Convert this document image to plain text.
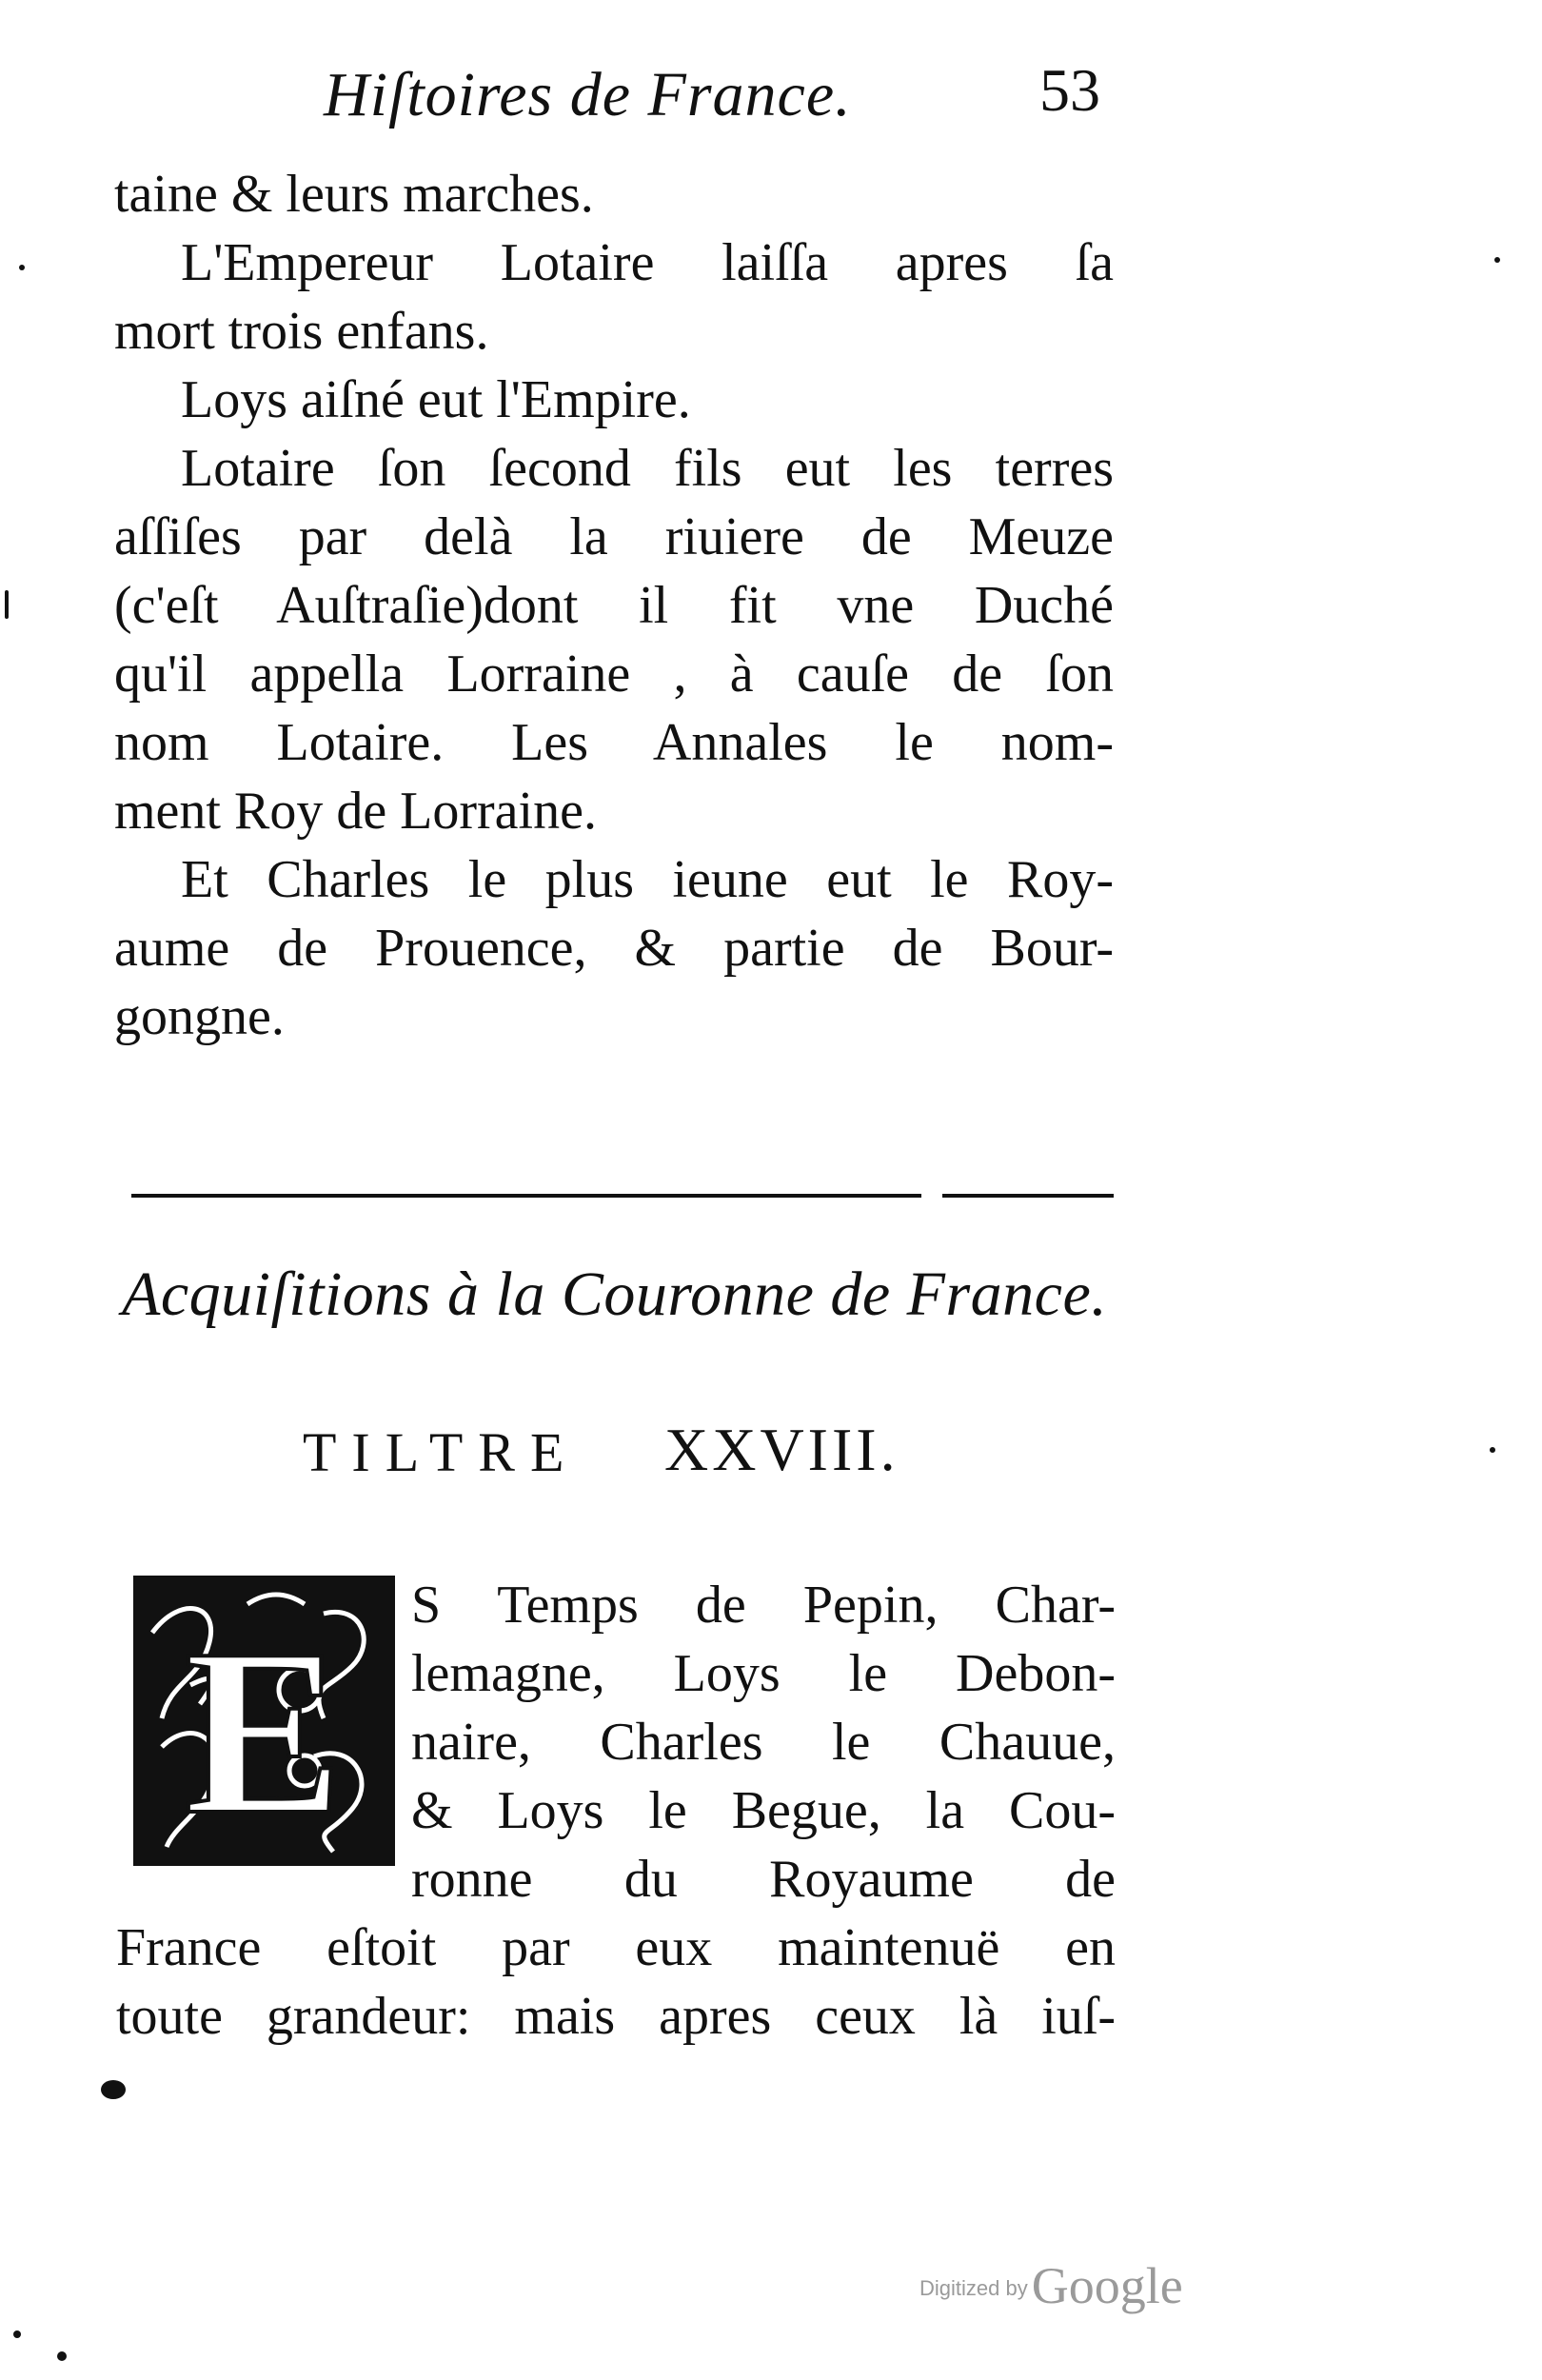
Hiſtoires de France.	53
taine & leurs marches.
L'Empereur Lotaire laiſſa apres ſa
mort trois enfans.
Loys aiſné eut l'Empire.
Lotaire ſon ſecond fils eut les terres
aſſiſes par delà la riuiere de Meuze
(c'eſt Auſtraſie)dont il fit vne Duché
qu'il appella Lorraine , à cauſe de ſon
nom Lotaire. Les Annales le nom-
ment Roy de Lorraine.
Et Charles le plus ieune eut le Roy-
aume de Prouence, & partie de Bour-
gongne.
Acquiſitions à la Couronne de France.
TILTRE XXVIII.
E S Temps de Pepin, Char-
lemagne, Loys le Debon-
naire, Charles le Chauue,
& Loys le Begue, la Cou-
ronne du Royaume de
France eſtoit par eux maintenuë en
toute grandeur: mais apres ceux là iuſ-
Digitized by Google
